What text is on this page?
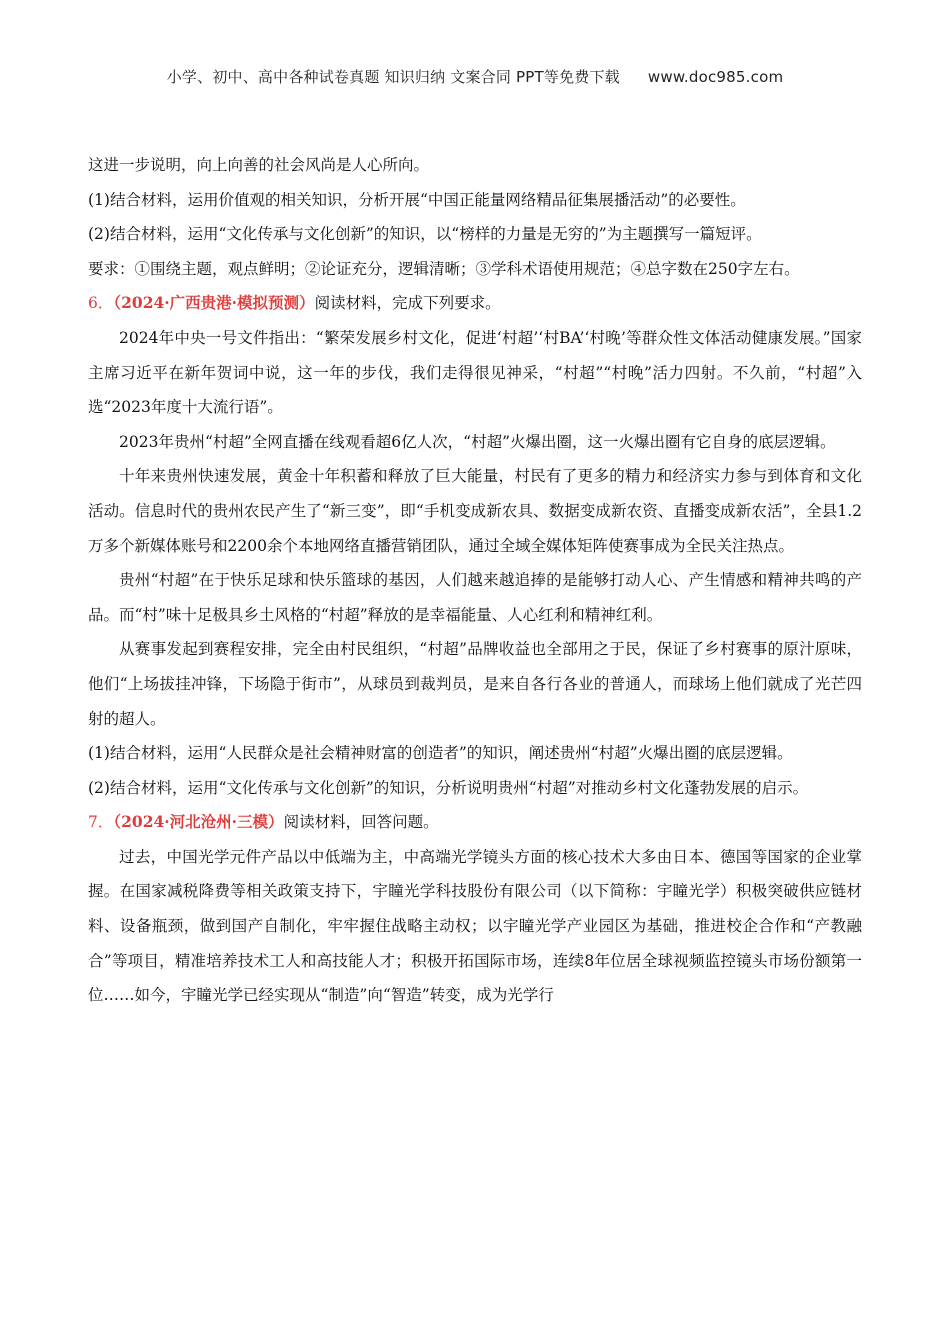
小学、初中、高中各种试卷真题 知识归纳 文案合同 PPT等免费下载 www.doc985.com

这进一步说明，向上向善的社会风尚是人心所向。

(1)结合材料，运用价值观的相关知识，分析开展“中国正能量网络精品征集展播活动”的必要性。

(2)结合材料，运用“文化传承与文化创新”的知识，以“榜样的力量是无穷的”为主题撰写一篇短评。

要求：①围绕主题，观点鲜明；②论证充分，逻辑清晰；③学科术语使用规范；④总字数在250字左右。

6．（2024·广西贵港·模拟预测）阅读材料，完成下列要求。

2024年中央一号文件指出：“繁荣发展乡村文化，促进‘村超’‘村BA’‘村晚’等群众性文体活动健康发展。”国家主席习近平在新年贺词中说，这一年的步伐，我们走得很见神采，“村超”“村晚”活力四射。不久前，“村超”入选“2023年度十大流行语”。

2023年贵州“村超”全网直播在线观看超6亿人次，“村超”火爆出圈，这一火爆出圈有它自身的底层逻辑。

十年来贵州快速发展，黄金十年积蓄和释放了巨大能量，村民有了更多的精力和经济实力参与到体育和文化活动。信息时代的贵州农民产生了“新三变”，即“手机变成新农具、数据变成新农资、直播变成新农活”，全县1.2万多个新媒体账号和2200余个本地网络直播营销团队，通过全域全媒体矩阵使赛事成为全民关注热点。

贵州“村超”在于快乐足球和快乐篮球的基因，人们越来越追捧的是能够打动人心、产生情感和精神共鸣的产品。而“村”味十足极具乡土风格的“村超”释放的是幸福能量、人心红利和精神红利。

从赛事发起到赛程安排，完全由村民组织，“村超”品牌收益也全部用之于民，保证了乡村赛事的原汁原味，他们“上场拔挂冲锋，下场隐于街市”，从球员到裁判员，是来自各行各业的普通人，而球场上他们就成了光芒四射的超人。

(1)结合材料，运用“人民群众是社会精神财富的创造者”的知识，阐述贵州“村超”火爆出圈的底层逻辑。

(2)结合材料，运用“文化传承与文化创新”的知识，分析说明贵州“村超”对推动乡村文化蓬勃发展的启示。

7．（2024·河北沧州·三模）阅读材料，回答问题。

过去，中国光学元件产品以中低端为主，中高端光学镜头方面的核心技术大多由日本、德国等国家的企业掌握。在国家减税降费等相关政策支持下，宇瞳光学科技股份有限公司（以下简称：宇瞳光学）积极突破供应链材料、设备瓶颈，做到国产自制化，牢牢握住战略主动权；以宇瞳光学产业园区为基础，推进校企合作和“产教融合”等项目，精准培养技术工人和高技能人才；积极开拓国际市场，连续8年位居全球视频监控镜头市场份额第一位……如今，宇瞳光学已经实现从“制造”向“智造”转变，成为光学行
